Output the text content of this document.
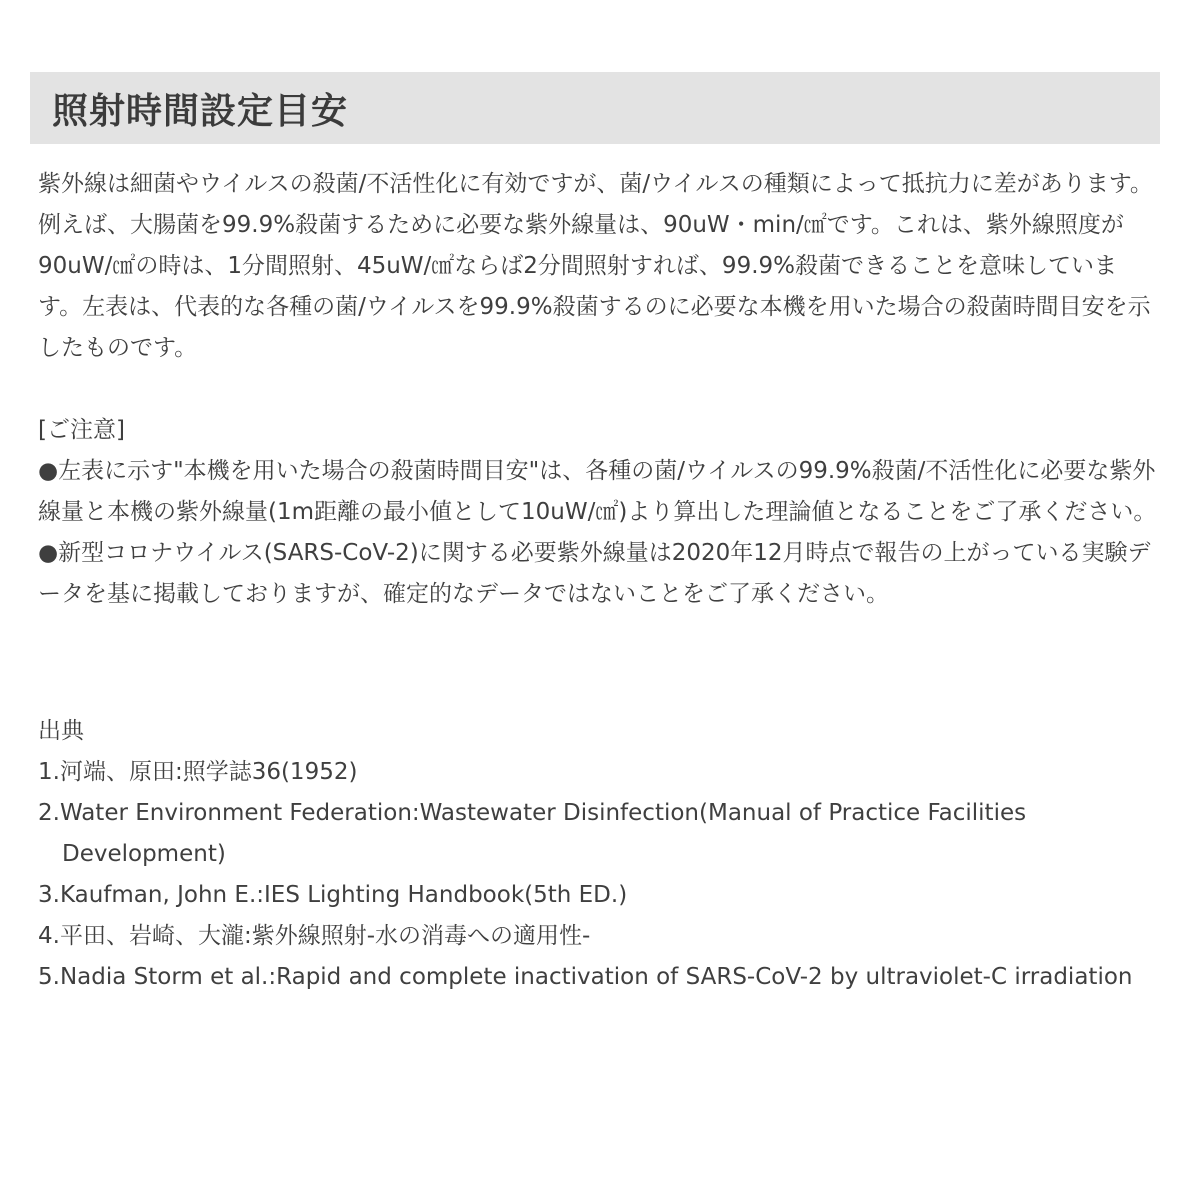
照射時間設定目安

紫外線は細菌やウイルスの殺菌/不活性化に有効ですが、菌/ウイルスの種類によって抵抗力に差があります。例えば、大腸菌を99.9%殺菌するために必要な紫外線量は、90uW・min/㎠です。これは、紫外線照度が90uW/㎠の時は、1分間照射、45uW/㎠ならば2分間照射すれば、99.9%殺菌できることを意味しています。左表は、代表的な各種の菌/ウイルスを99.9%殺菌するのに必要な本機を用いた場合の殺菌時間目安を示したものです。

[ご注意]

●左表に示す"本機を用いた場合の殺菌時間目安"は、各種の菌/ウイルスの99.9%殺菌/不活性化に必要な紫外線量と本機の紫外線量(1m距離の最小値として10uW/㎠)より算出した理論値となることをご了承ください。

●新型コロナウイルス(SARS-CoV-2)に関する必要紫外線量は2020年12月時点で報告の上がっている実験データを基に掲載しておりますが、確定的なデータではないことをご了承ください。

出典

1.河端、原田:照学誌36(1952)
2.Water Environment Federation:Wastewater Disinfection(Manual of Practice Facilities Development)
3.Kaufman, John E.:IES Lighting Handbook(5th ED.)
4.平田、岩崎、大瀧:紫外線照射-水の消毒への適用性-
5.Nadia Storm et al.:Rapid and complete inactivation of SARS-CoV-2 by ultraviolet-C irradiation
